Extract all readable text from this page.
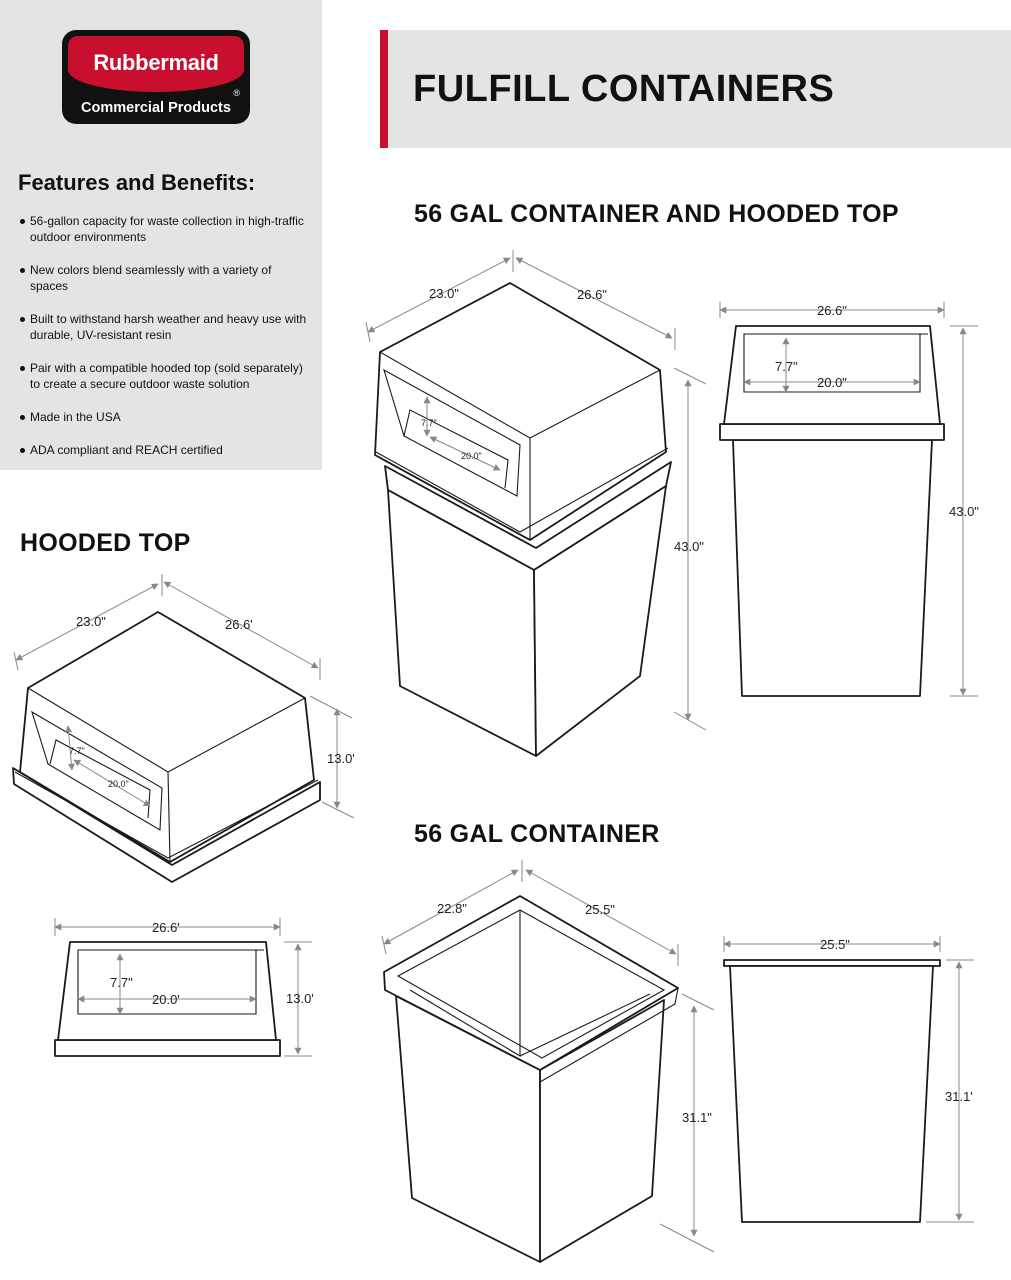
Rubbermaid
®
Commercial Products
Features and Benefits:
56-gallon capacity for waste collection in high-traffic outdoor environments
New colors blend seamlessly with a variety of spaces
Built to withstand harsh weather and heavy use with durable, UV-resistant resin
Pair with a compatible hooded top (sold separately) to create a secure outdoor waste solution
Made in the USA
ADA compliant and REACH certified
FULFILL CONTAINERS
56 GAL CONTAINER AND HOODED TOP
HOODED TOP
56 GAL CONTAINER
23.0"	26.6"
43.0"
7.7"
20.0"
26.6"
7.7"
20.0"
43.0"
23.0"	26.6'
13.0'
7.7"
20.0"
26.6'
7.7"
20.0'	13.0'
22.8"	25.5"
31.1"
25.5"
31.1'
